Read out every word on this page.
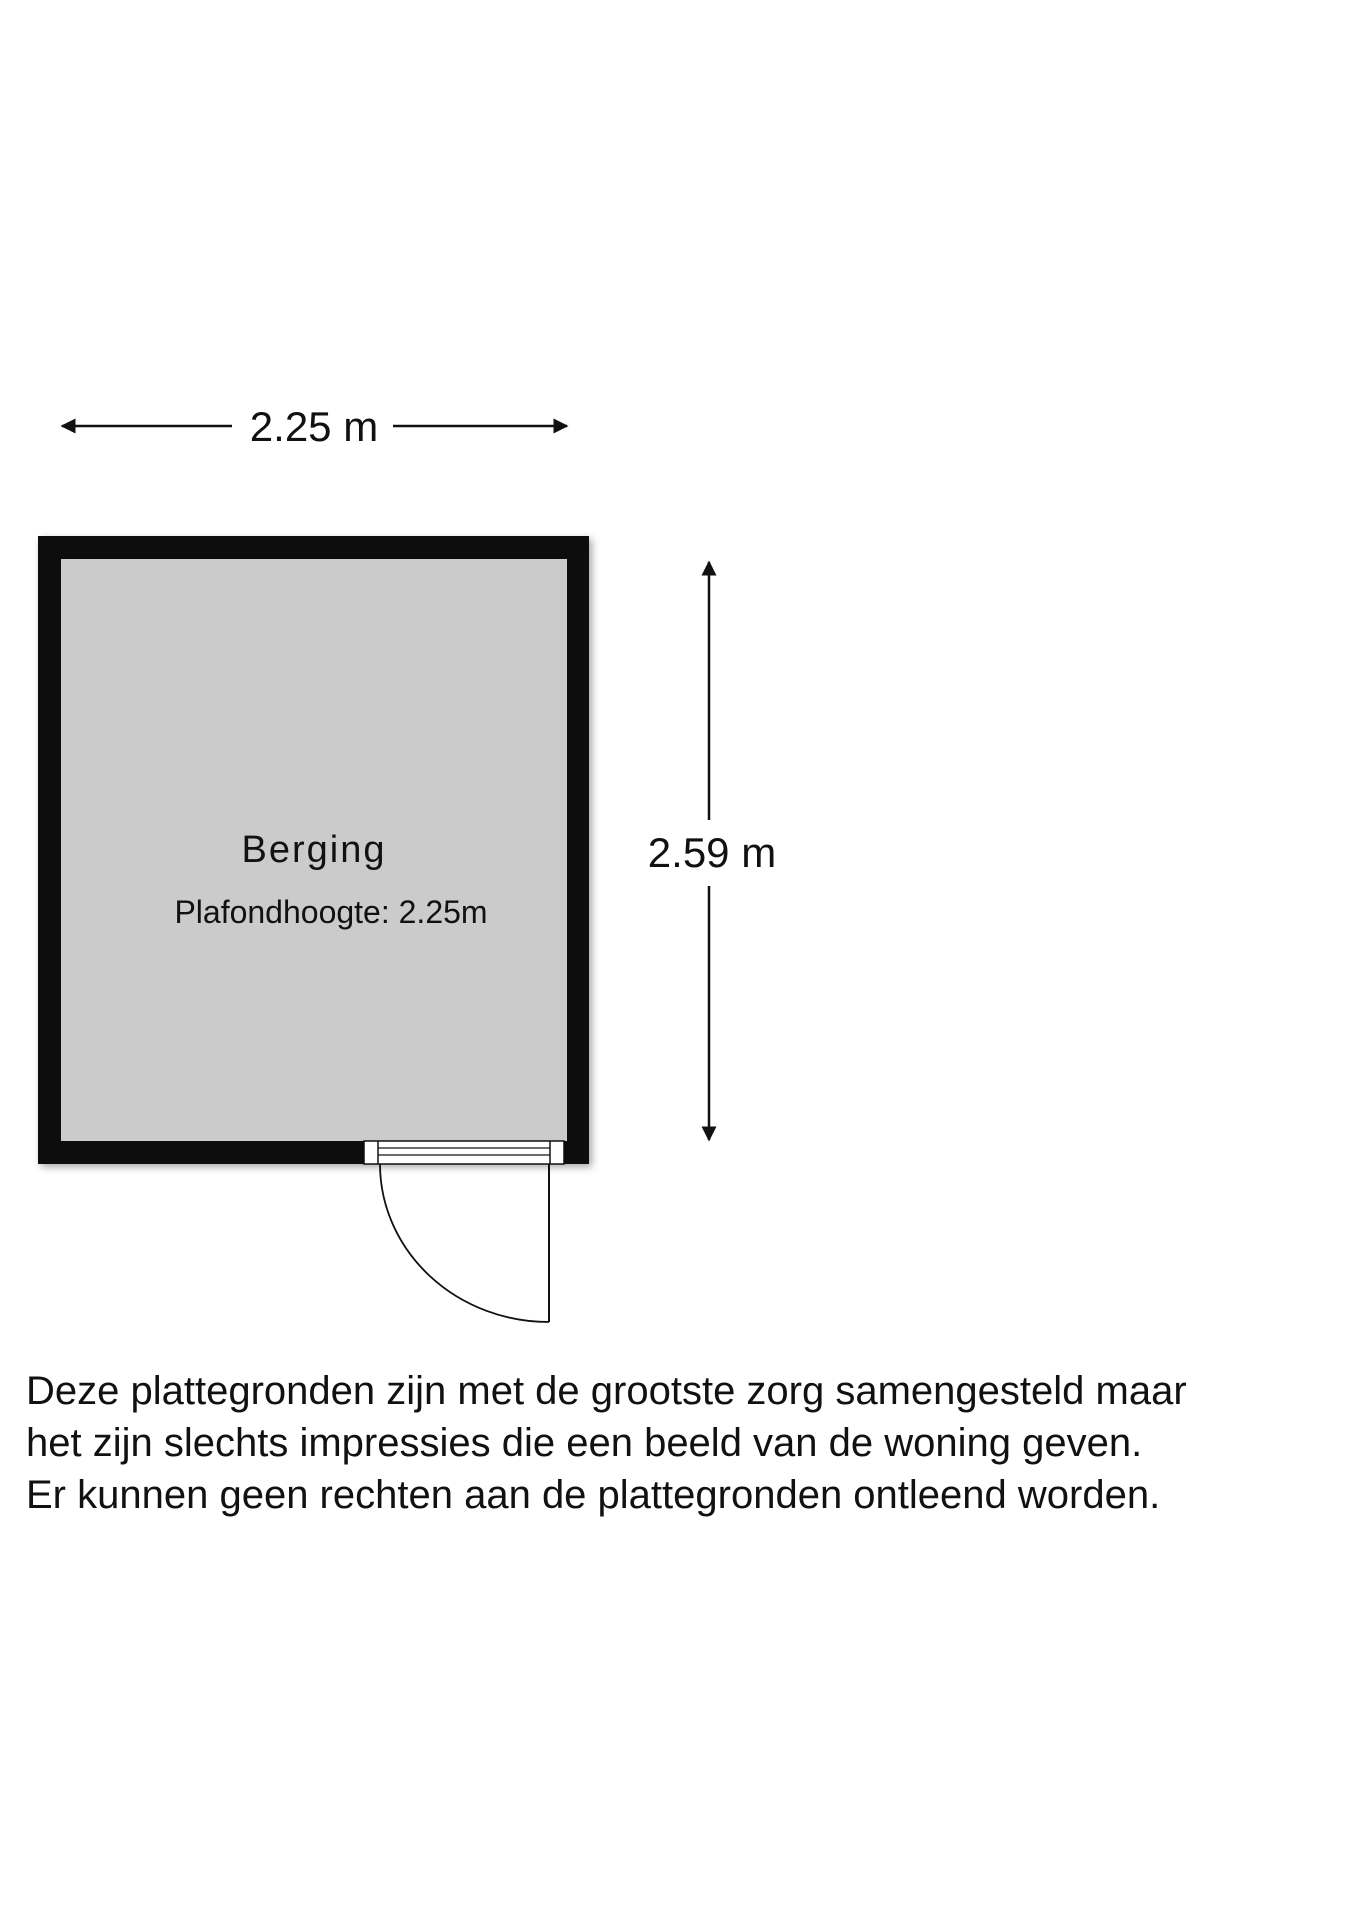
2.25 m
2.59 m
Berging
Plafondhoogte: 2.25m
Deze plattegronden zijn met de grootste zorg samengesteld maar
het zijn slechts impressies die een beeld van de woning geven.
Er kunnen geen rechten aan de plattegronden ontleend worden.
